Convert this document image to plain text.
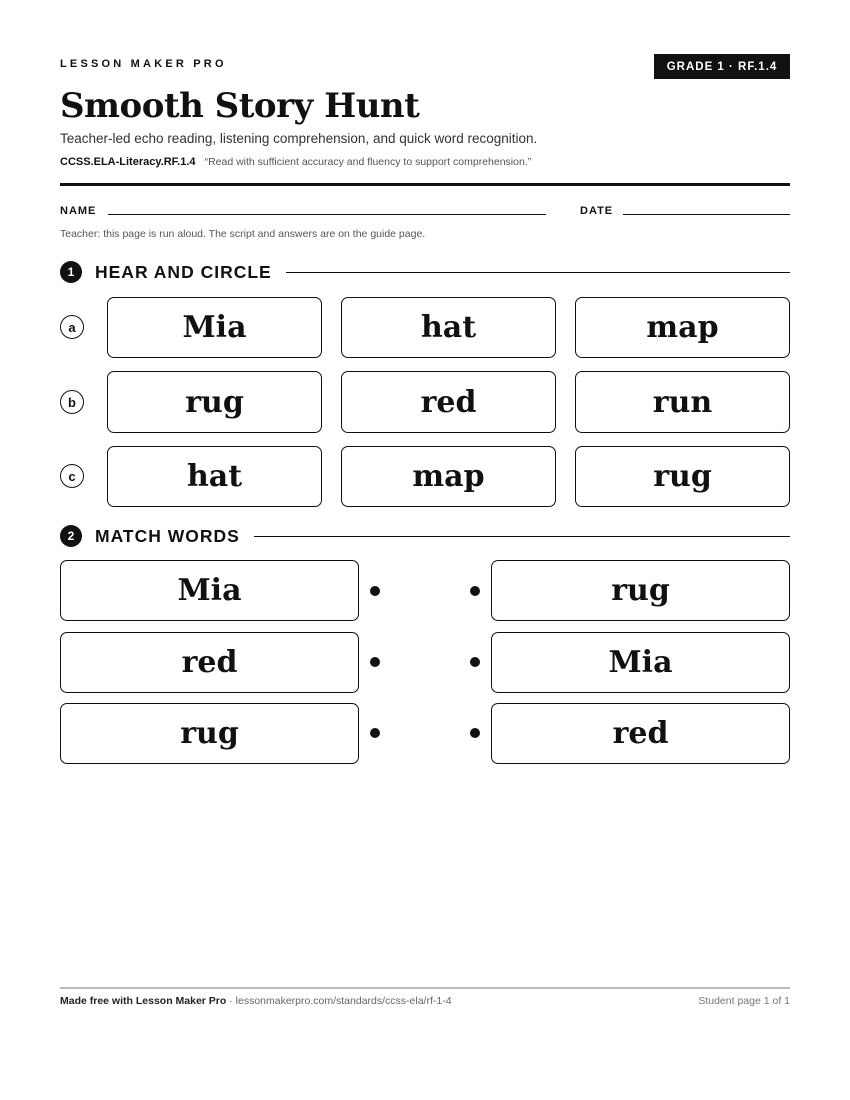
LESSON MAKER PRO	GRADE 1 · RF.1.4
Smooth Story Hunt
Teacher-led echo reading, listening comprehension, and quick word recognition.
CCSS.ELA-Literacy.RF.1.4 “Read with sufficient accuracy and fluency to support comprehension.”
NAME	DATE
Teacher: this page is run aloud. The script and answers are on the guide page.
1	HEAR AND CIRCLE
a	Mia	hat	map
b	rug	red	run
c	hat	map	rug
2	MATCH WORDS
Mia	rug
red	Mia
rug	red
Made free with Lesson Maker Pro · lessonmakerpro.com/standards/ccss-ela/rf-1-4	Student page 1 of 1
